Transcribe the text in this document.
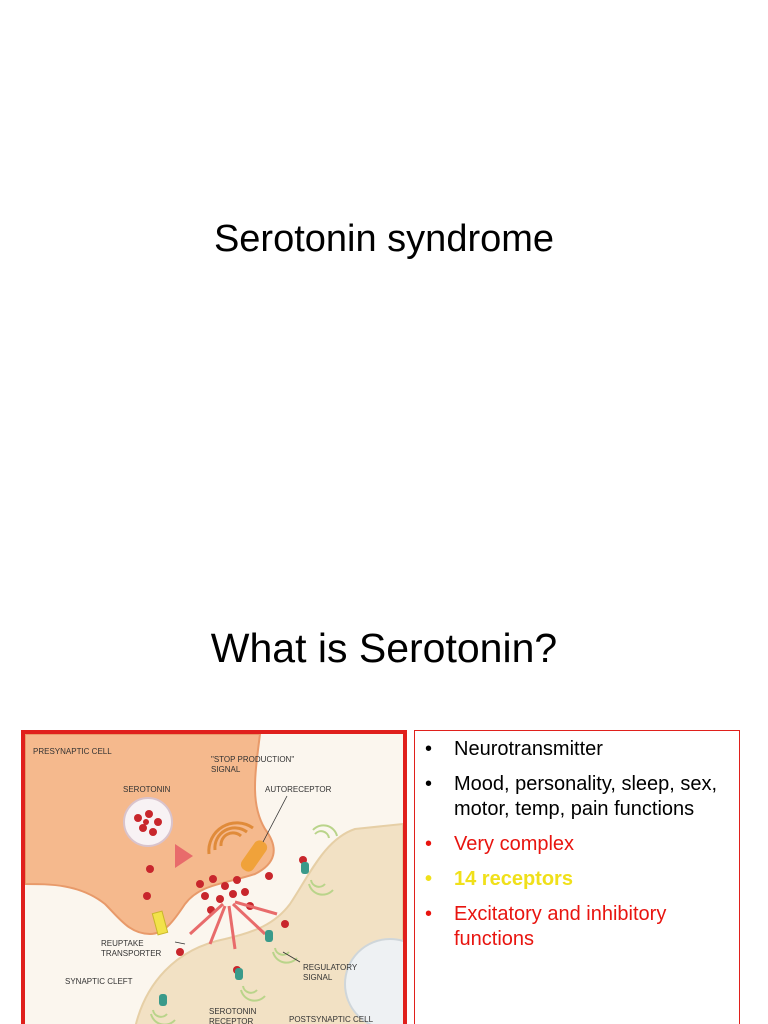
Serotonin syndrome
What is Serotonin?
PRESYNAPTIC CELL
"STOP PRODUCTION"
SIGNAL
SEROTONIN	AUTORECEPTOR
REUPTAKE
TRANSPORTER
REGULATORY
SIGNAL
SYNAPTIC CLEFT
SEROTONIN
RECEPTOR	POSTSYNAPTIC CELL
• Neurotransmitter
• Mood, personality, sleep, sex, motor, temp, pain functions
• Very complex
• 14 receptors
• Excitatory and inhibitory functions
